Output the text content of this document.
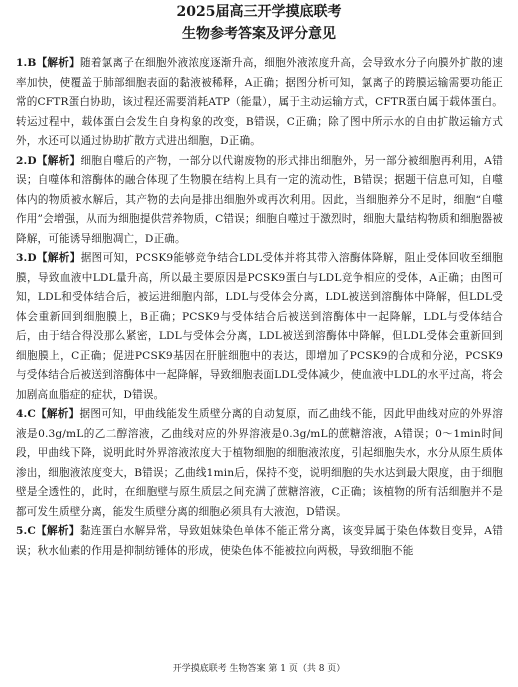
2025届高三开学摸底联考
生物参考答案及评分意见

1.B【解析】随着氯离子在细胞外液浓度逐渐升高，细胞外液浓度升高，会导致水分子向膜外扩散的速率加快，使覆盖于肺部细胞表面的黏液被稀释，A正确；据图分析可知，氯离子的跨膜运输需要功能正常的CFTR蛋白协助，该过程还需要消耗ATP（能量），属于主动运输方式，CFTR蛋白属于载体蛋白。转运过程中，载体蛋白会发生自身构象的改变，B错误，C正确；除了图中所示水的自由扩散运输方式外，水还可以通过协助扩散方式进出细胞，D正确。

2.D【解析】细胞自噬后的产物，一部分以代谢废物的形式排出细胞外，另一部分被细胞再利用，A错误；自噬体和溶酶体的融合体现了生物膜在结构上具有一定的流动性，B错误；据题干信息可知，自噬体内的物质被水解后，其产物的去向是排出细胞外或再次利用。因此，当细胞养分不足时，细胞“自噬作用”会增强，从而为细胞提供营养物质，C错误；细胞自噬过于激烈时，细胞大量结构物质和细胞器被降解，可能诱导细胞凋亡，D正确。

3.D【解析】据图可知，PCSK9能够竞争结合LDL受体并将其带入溶酶体降解，阻止受体回收至细胞膜，导致血液中LDL量升高，所以最主要原因是PCSK9蛋白与LDL竞争相应的受体，A正确；由图可知，LDL和受体结合后，被运进细胞内部，LDL与受体会分离，LDL被送到溶酶体中降解，但LDL受体会重新回到细胞膜上，B正确；PCSK9与受体结合后被送到溶酶体中一起降解，LDL与受体结合后，由于结合得没那么紧密，LDL与受体会分离，LDL被送到溶酶体中降解，但LDL受体会重新回到细胞膜上，C正确；促进PCSK9基因在肝脏细胞中的表达，即增加了PCSK9的合成和分泌，PCSK9与受体结合后被送到溶酶体中一起降解，导致细胞表面LDL受体减少，使血液中LDL的水平过高，将会加剧高血脂症的症状，D错误。

4.C【解析】据图可知，甲曲线能发生质壁分离的自动复原，而乙曲线不能，因此甲曲线对应的外界溶液是0.3g/mL的乙二醇溶液，乙曲线对应的外界溶液是0.3g/mL的蔗糖溶液，A错误；0～1min时间段，甲曲线下降，说明此时外界溶液浓度大于植物细胞的细胞液浓度，引起细胞失水，水分从原生质体渗出，细胞液浓度变大，B错误；乙曲线1min后，保持不变，说明细胞的失水达到最大限度，由于细胞壁是全透性的，此时，在细胞壁与原生质层之间充满了蔗糖溶液，C正确；该植物的所有活细胞并不是都可发生质壁分离，能发生质壁分离的细胞必须具有大液泡，D错误。

5.C【解析】黏连蛋白水解异常，导致姐妹染色单体不能正常分离，该变异属于染色体数目变异，A错误；秋水仙素的作用是抑制纺锤体的形成，使染色体不能被拉向两极，导致细胞不能

开学摸底联考 生物答案 第 1 页（共 8 页）
